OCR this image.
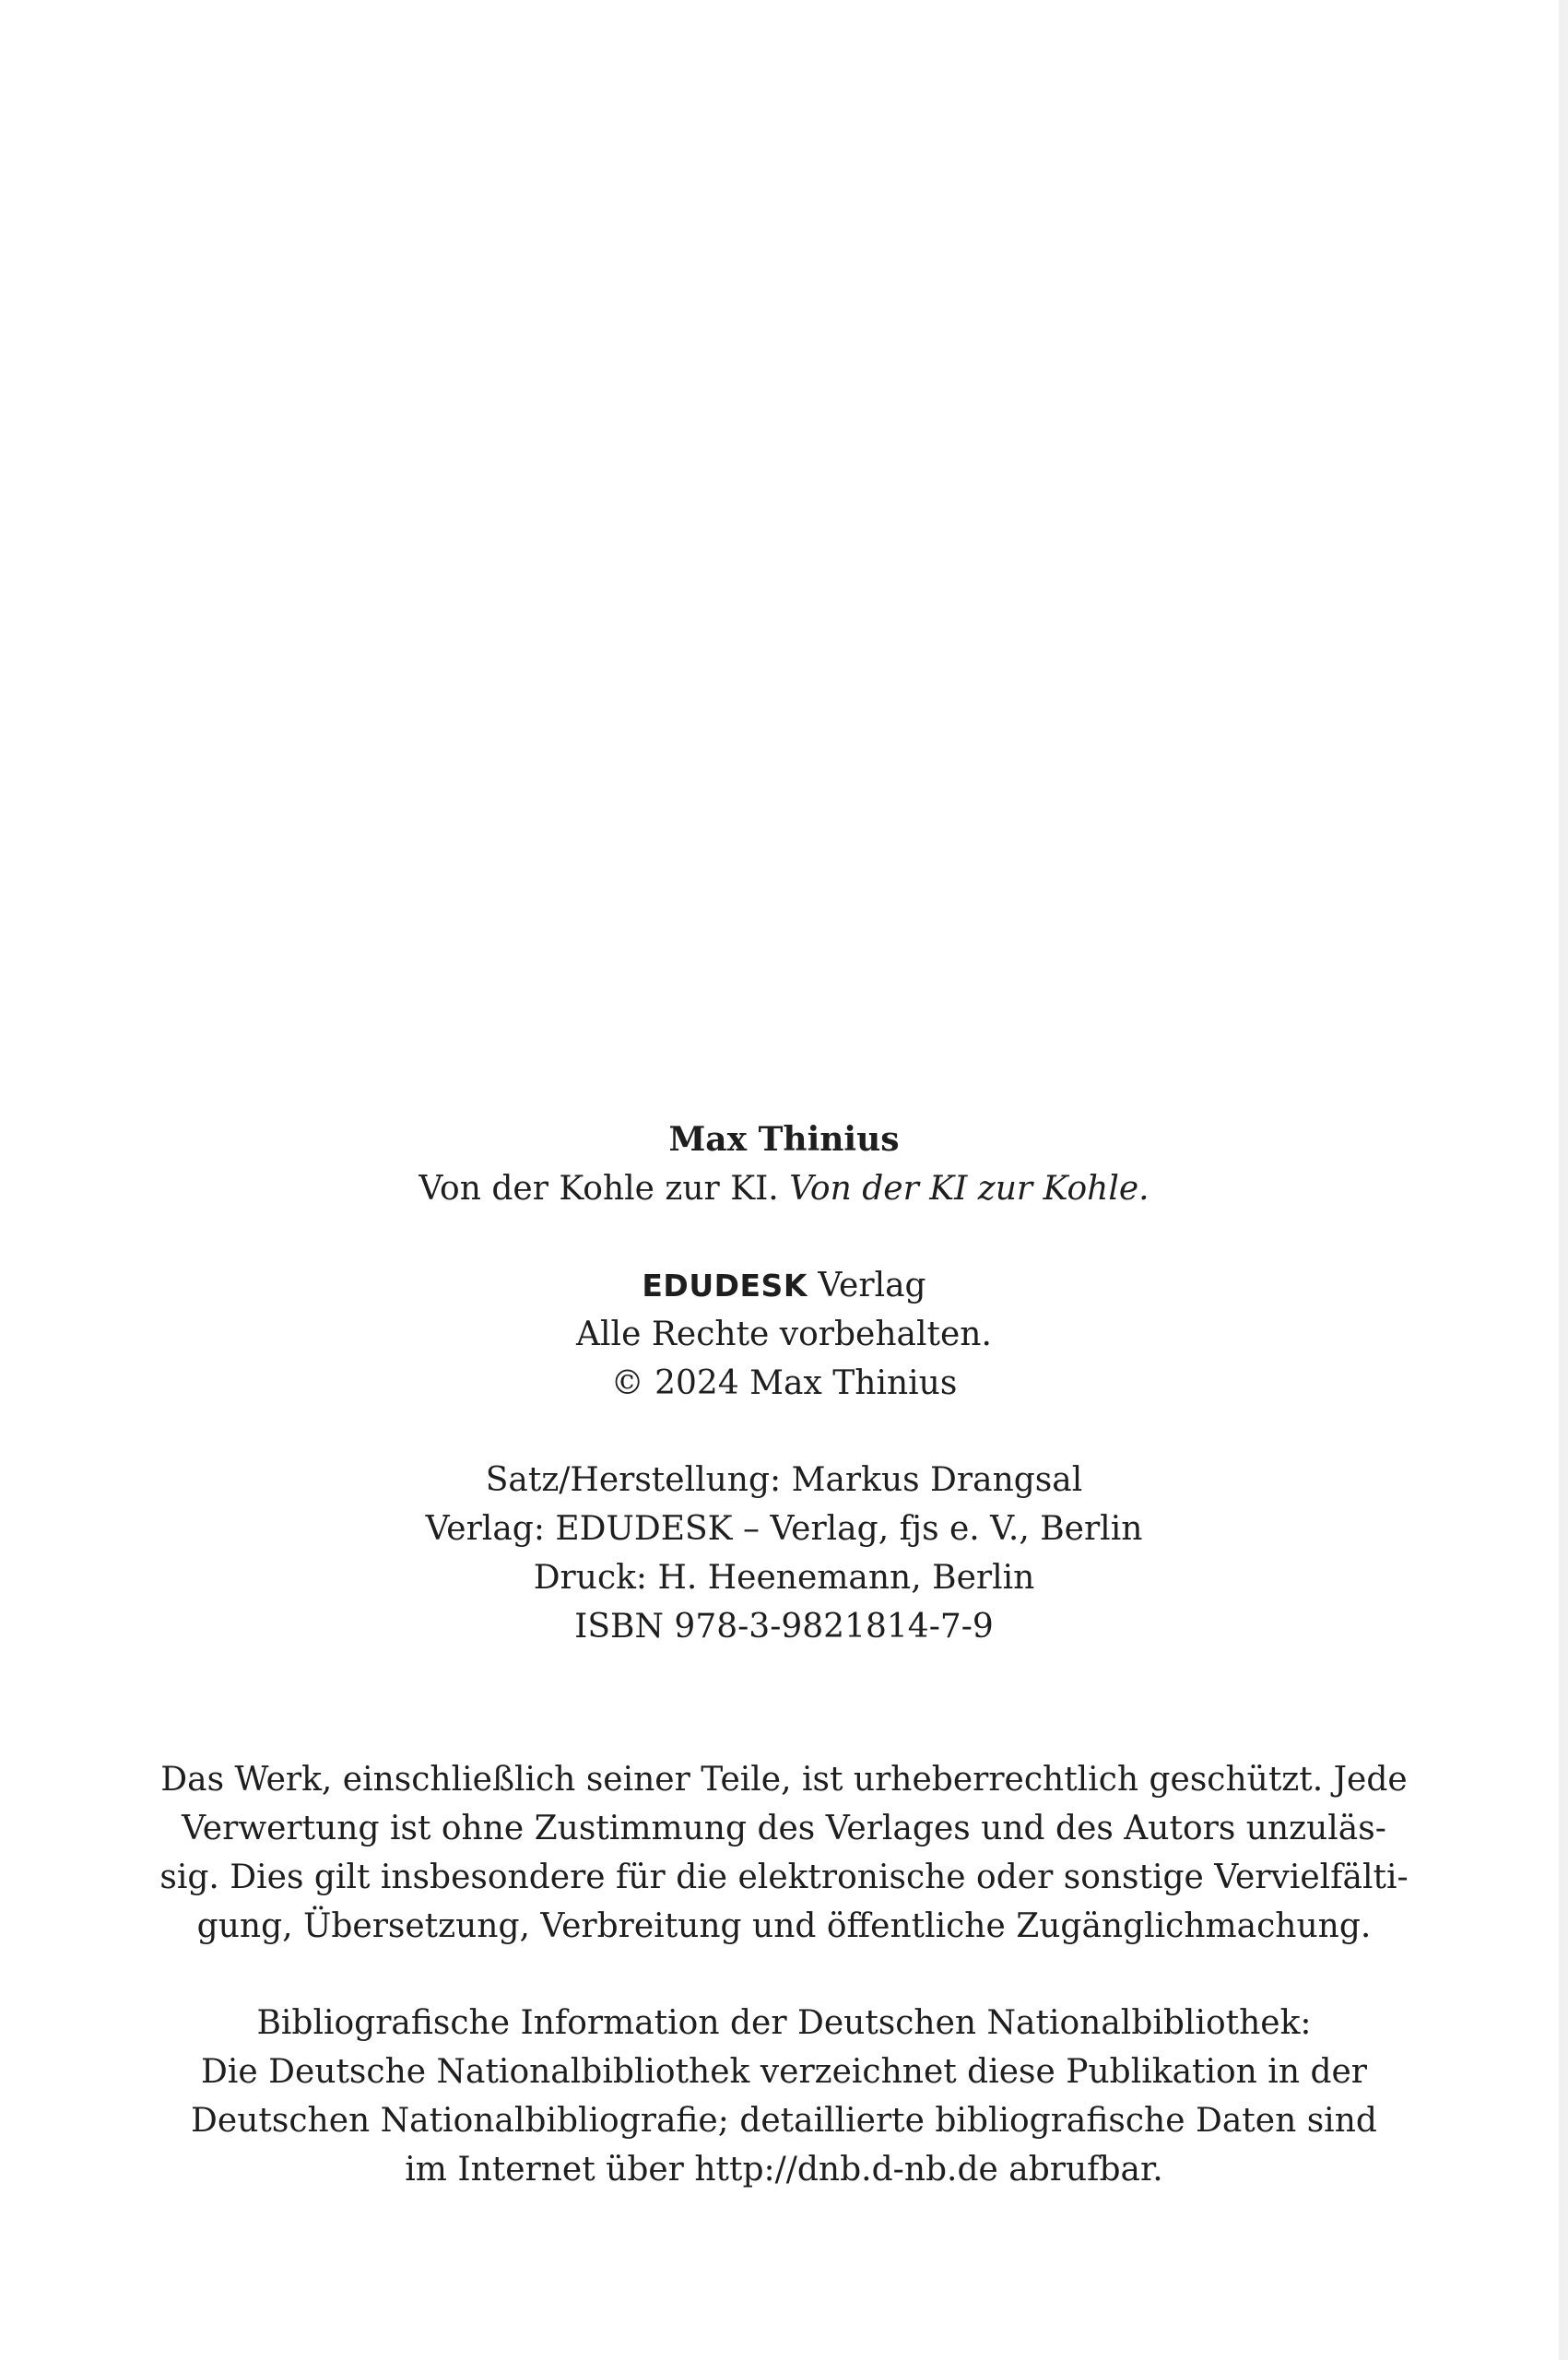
Max Thinius
Von der Kohle zur KI. Von der KI zur Kohle.
EDUDESK Verlag
Alle Rechte vorbehalten.
© 2024 Max Thinius
Satz/Herstellung: Markus Drangsal
Verlag: EDUDESK – Verlag, fjs e. V., Berlin
Druck: H. Heenemann, Berlin
ISBN 978-3-9821814-7-9
Das Werk, einschließlich seiner Teile, ist urheberrechtlich geschützt. Jede
Verwertung ist ohne Zustimmung des Verlages und des Autors unzuläs-
sig. Dies gilt insbesondere für die elektronische oder sonstige Vervielfälti-
gung, Übersetzung, Verbreitung und öffentliche Zugänglichmachung.
Bibliografische Information der Deutschen Nationalbibliothek:
Die Deutsche Nationalbibliothek verzeichnet diese Publikation in der
Deutschen Nationalbibliografie; detaillierte bibliografische Daten sind
im Internet über http://dnb.d-nb.de abrufbar.
